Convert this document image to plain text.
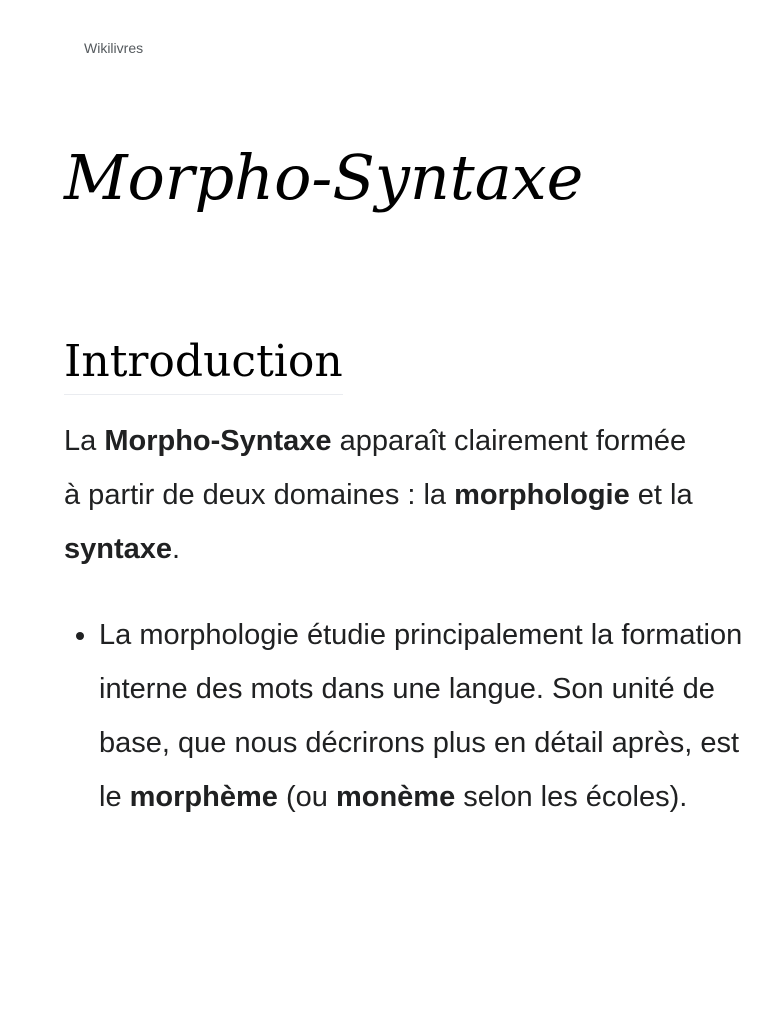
Wikilivres
Morpho-Syntaxe
Introduction

La Morpho-Syntaxe apparaît clairement formée à partir de deux domaines : la morphologie et la syntaxe.

• La morphologie étudie principalement la formation interne des mots dans une langue. Son unité de base, que nous décrirons plus en détail après, est le morphème (ou monème selon les écoles).
